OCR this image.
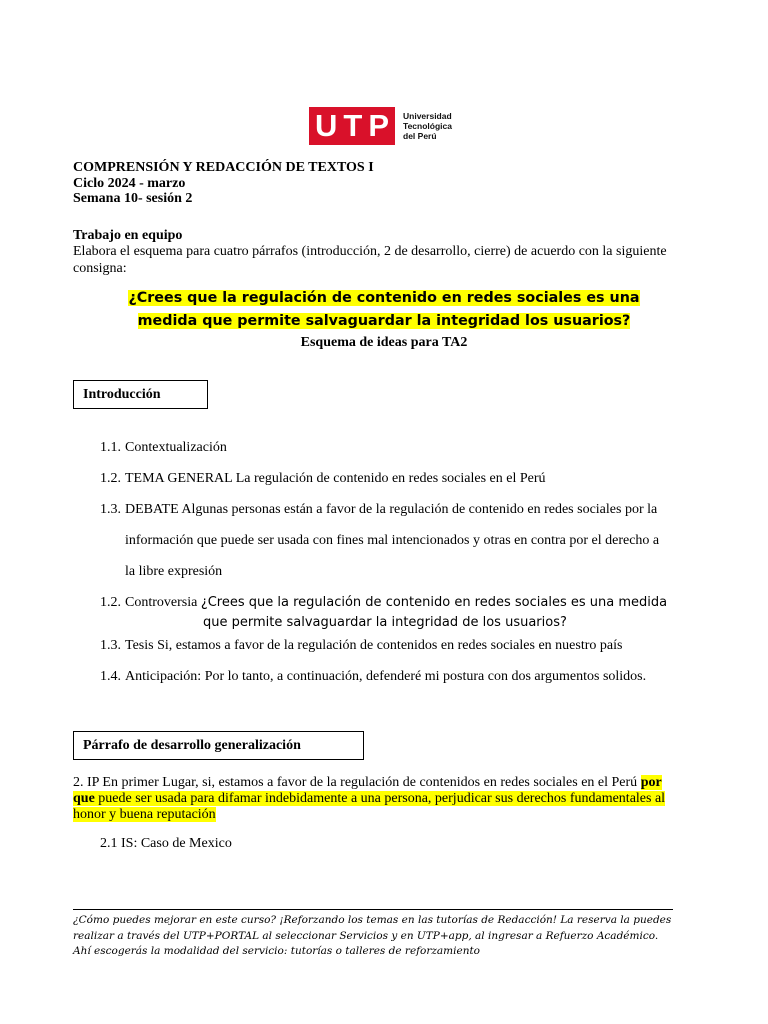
U T P Universidad
Tecnológica
del Perú
COMPRENSIÓN Y REDACCIÓN DE TEXTOS I
Ciclo 2024 - marzo
Semana 10- sesión 2
Trabajo en equipo
Elabora el esquema para cuatro párrafos (introducción, 2 de desarrollo, cierre) de acuerdo con la siguiente consigna:
¿Crees que la regulación de contenido en redes sociales es una
medida que permite salvaguardar la integridad los usuarios?
Esquema de ideas para TA2
Introducción
1.1. Contextualización
1.2. TEMA GENERAL La regulación de contenido en redes sociales en el Perú
1.3. DEBATE Algunas personas están a favor de la regulación de contenido en redes sociales por la
información que puede ser usada con fines mal intencionados y otras en contra por el derecho a
la libre expresión
1.2. Controversia ¿Crees que la regulación de contenido en redes sociales es una medida
que permite salvaguardar la integridad de los usuarios?
1.3. Tesis Si, estamos a favor de la regulación de contenidos en redes sociales en nuestro país
1.4. Anticipación: Por lo tanto, a continuación, defenderé mi postura con dos argumentos solidos.
Párrafo de desarrollo generalización
2. IP En primer Lugar, si, estamos a favor de la regulación de contenidos en redes sociales en el Perú por que puede ser usada para difamar indebidamente a una persona, perjudicar sus derechos fundamentales al honor y buena reputación
2.1 IS: Caso de Mexico
¿Cómo puedes mejorar en este curso? ¡Reforzando los temas en las tutorías de Redacción! La reserva la puedes realizar a través del UTP+PORTAL al seleccionar Servicios y en UTP+app, al ingresar a Refuerzo Académico. Ahí escogerás la modalidad del servicio: tutorías o talleres de reforzamiento
